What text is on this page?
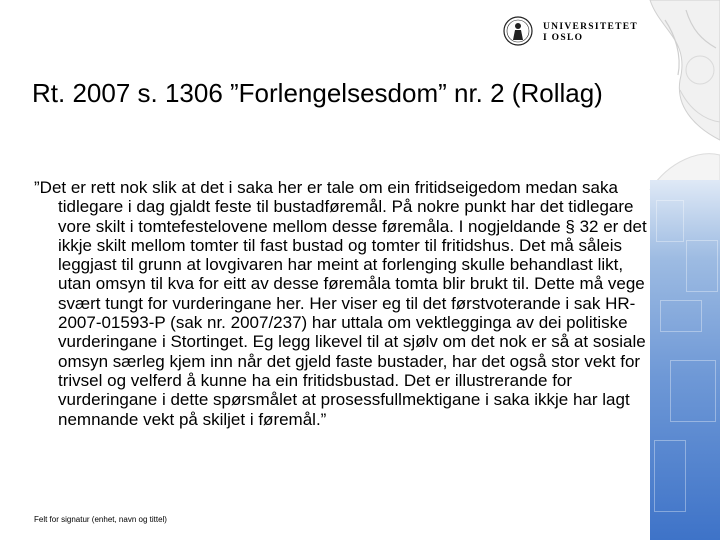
UNIVERSITETET
I OSLO
Rt. 2007 s. 1306 ”Forlengelsesdom” nr. 2 (Rollag)

”Det er rett nok slik at det i saka her er tale om ein fritidseigedom medan saka tidlegare i dag gjaldt feste til bustadføremål. På nokre punkt har det tidlegare vore skilt i tomtefestelovene mellom desse føremåla. I nogjeldande § 32 er det ikkje skilt mellom tomter til fast bustad og tomter til fritidshus. Det må såleis leggjast til grunn at lovgivaren har meint at forlenging skulle behandlast likt, utan omsyn til kva for eitt av desse føremåla tomta blir brukt til. Dette må vege svært tungt for vurderingane her. Her viser eg til det førstvoterande i sak HR-2007-01593-P (sak nr. 2007/237) har uttala om vektlegginga av dei politiske vurderingane i Stortinget. Eg legg likevel til at sjølv om det nok er så at sosiale omsyn særleg kjem inn når det gjeld faste bustader, har det også stor vekt for trivsel og velferd å kunne ha ein fritidsbustad. Det er illustrerande for vurderingane i dette spørsmålet at prosessfullmektigane i saka ikkje har lagt nemnande vekt på skiljet i føremål.”

Felt for signatur (enhet, navn og tittel)
